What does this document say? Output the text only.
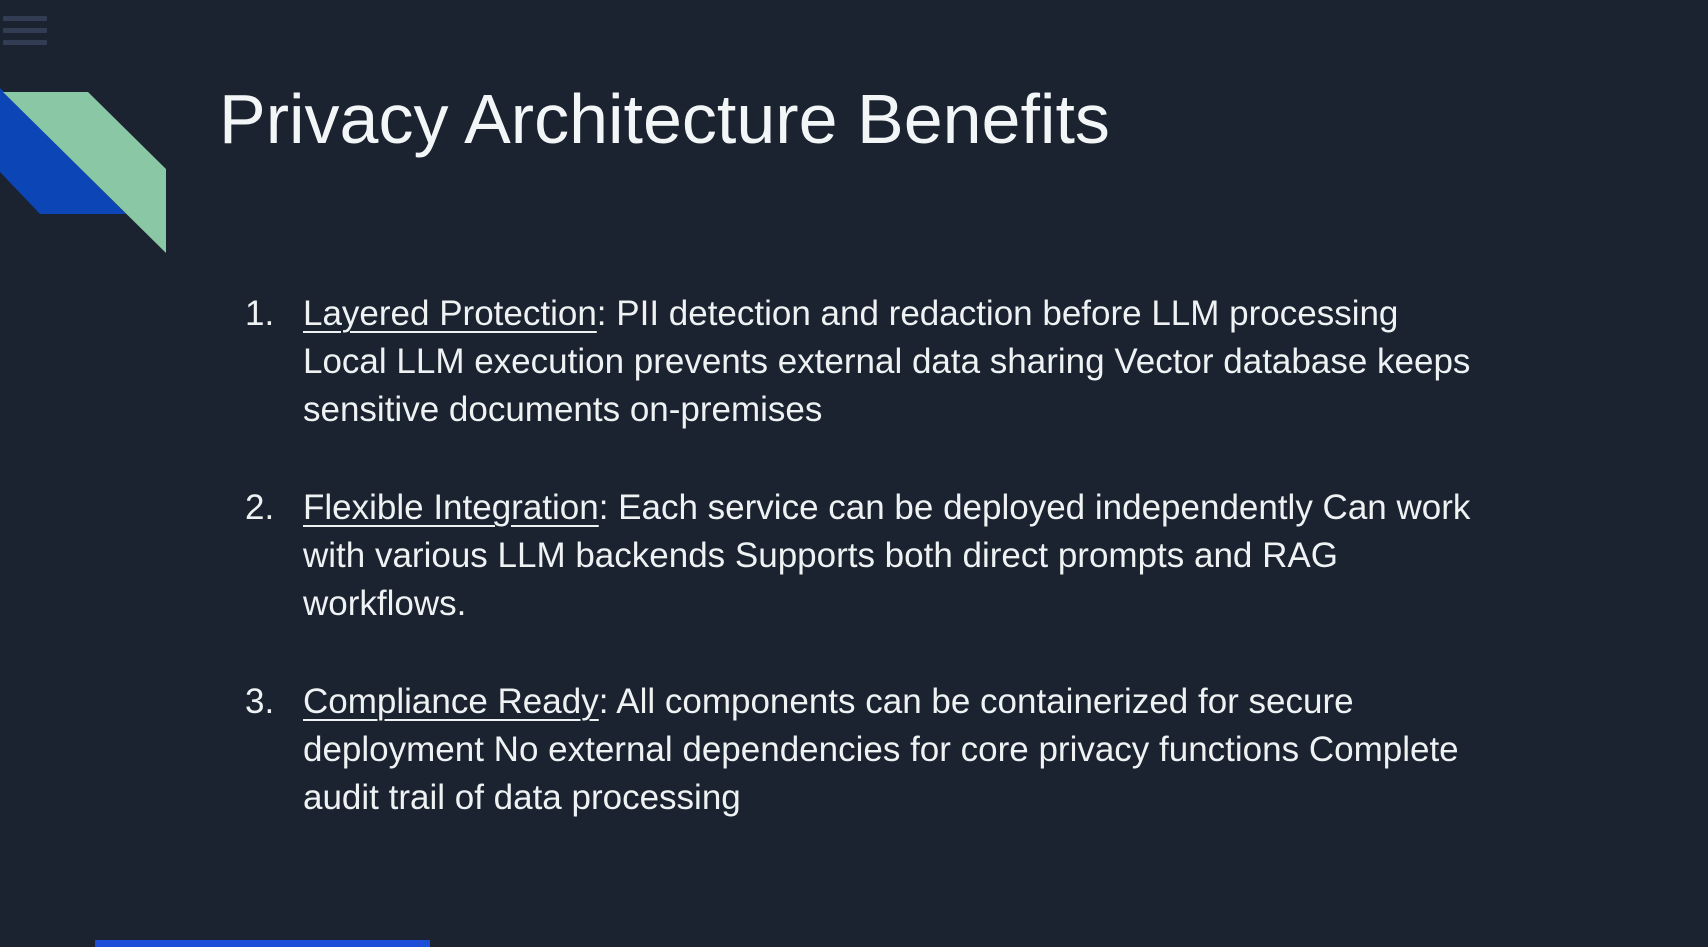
Privacy Architecture Benefits
1. Layered Protection: PII detection and redaction before LLM processing Local LLM execution prevents external data sharing Vector database keeps sensitive documents on-premises

2. Flexible Integration: Each service can be deployed independently Can work with various LLM backends Supports both direct prompts and RAG workflows.

3. Compliance Ready: All components can be containerized for secure deployment No external dependencies for core privacy functions Complete audit trail of data processing
